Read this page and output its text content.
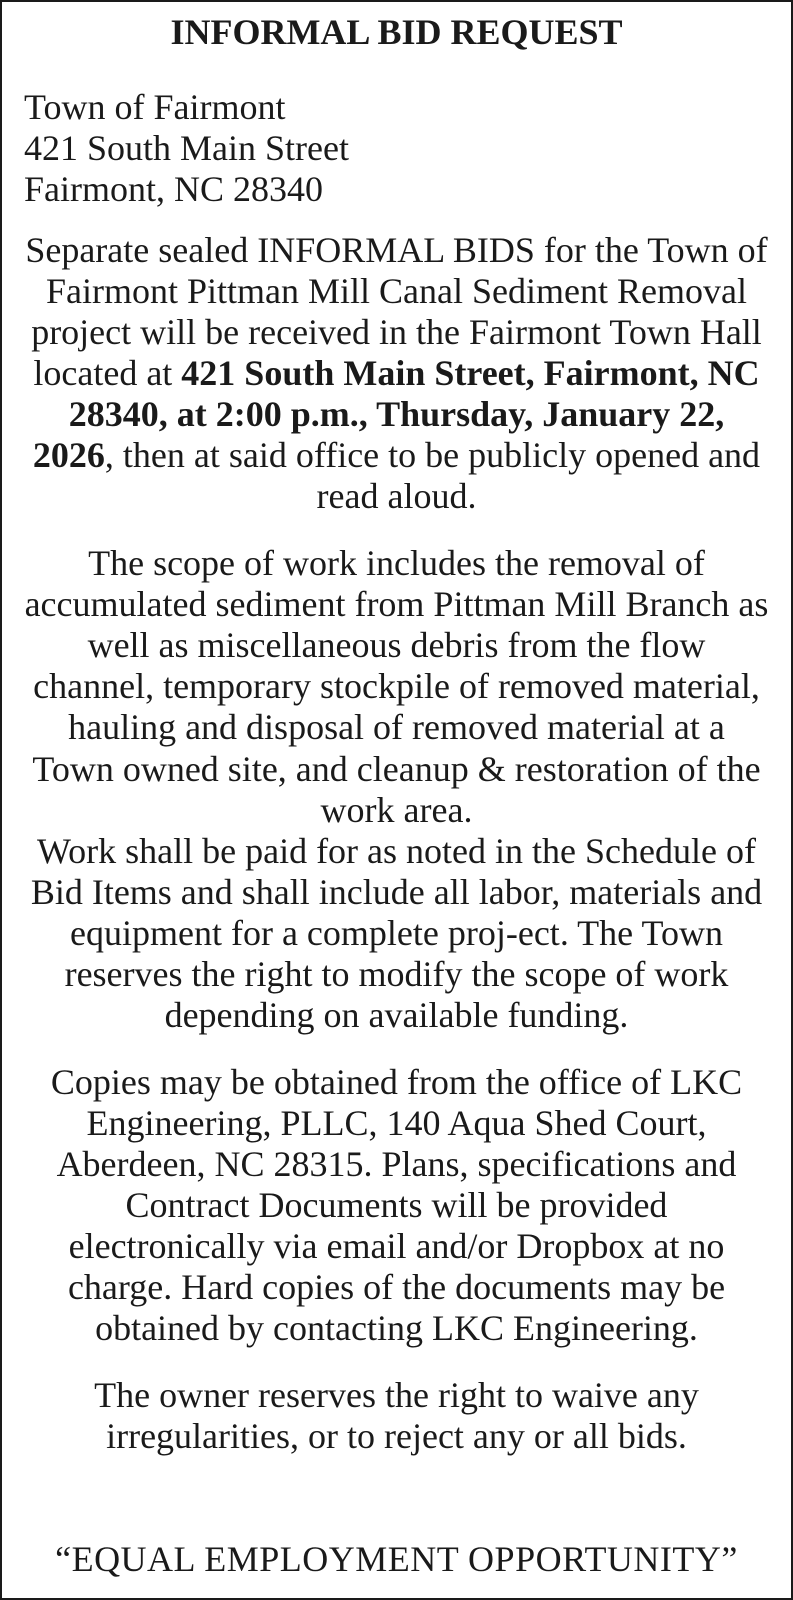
INFORMAL BID REQUEST
Town of Fairmont
421 South Main Street
Fairmont, NC 28340
Separate sealed INFORMAL BIDS for the Town of Fairmont Pittman Mill Canal Sediment Removal project will be received in the Fairmont Town Hall located at 421 South Main Street, Fairmont, NC 28340, at 2:00 p.m., Thursday, January 22, 2026, then at said office to be publicly opened and read aloud.
The scope of work includes the removal of accumulated sediment from Pittman Mill Branch as well as miscellaneous debris from the flow channel, temporary stockpile of removed material, hauling and disposal of removed material at a Town owned site, and cleanup & restoration of the work area.
Work shall be paid for as noted in the Schedule of Bid Items and shall include all labor, materials and equipment for a complete proj-ect. The Town reserves the right to modify the scope of work depending on available funding.
Copies may be obtained from the office of LKC Engineering, PLLC, 140 Aqua Shed Court, Aberdeen, NC 28315. Plans, specifications and Contract Documents will be provided electronically via email and/or Dropbox at no charge. Hard copies of the documents may be obtained by contacting LKC Engineering.
The owner reserves the right to waive any irregularities, or to reject any or all bids.
“EQUAL EMPLOYMENT OPPORTUNITY”
